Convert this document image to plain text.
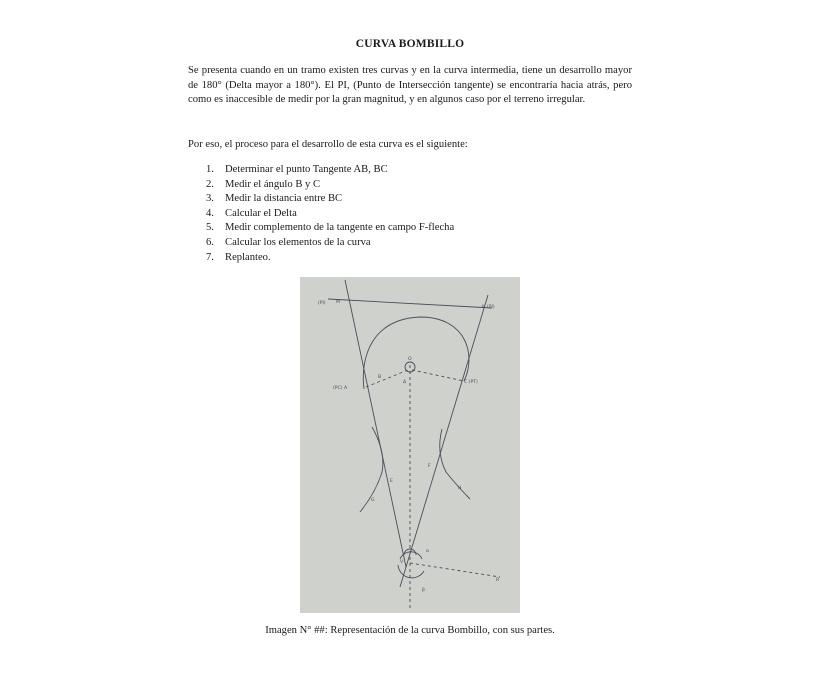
CURVA BOMBILLO
Se presenta cuando en un tramo existen tres curvas y en la curva intermedia, tiene un desarrollo mayor de 180° (Delta mayor a 180°). El PI, (Punto de Intersección tangente) se encontraría hacia atrás, pero como es inaccesible de medir por la gran magnitud, y en algunos caso por el terreno irregular.
Por eso, el proceso para el desarrollo de esta curva es el siguiente:
1.	Determinar el punto Tangente AB, BC
2.	Medir el ángulo B y C
3.	Medir la distancia entre BC
4.	Calcular el Delta
5.	Medir complemento de la tangente en campo F-flecha
6.	Calcular los elementos de la curva
7.	Replanteo.
(PI) M
N (PI)
(PC) A
B
C (PT)
O
E
F
G
H
V
R
Δ
α
β
Imagen N° ##: Representación de la curva Bombillo, con sus partes.
